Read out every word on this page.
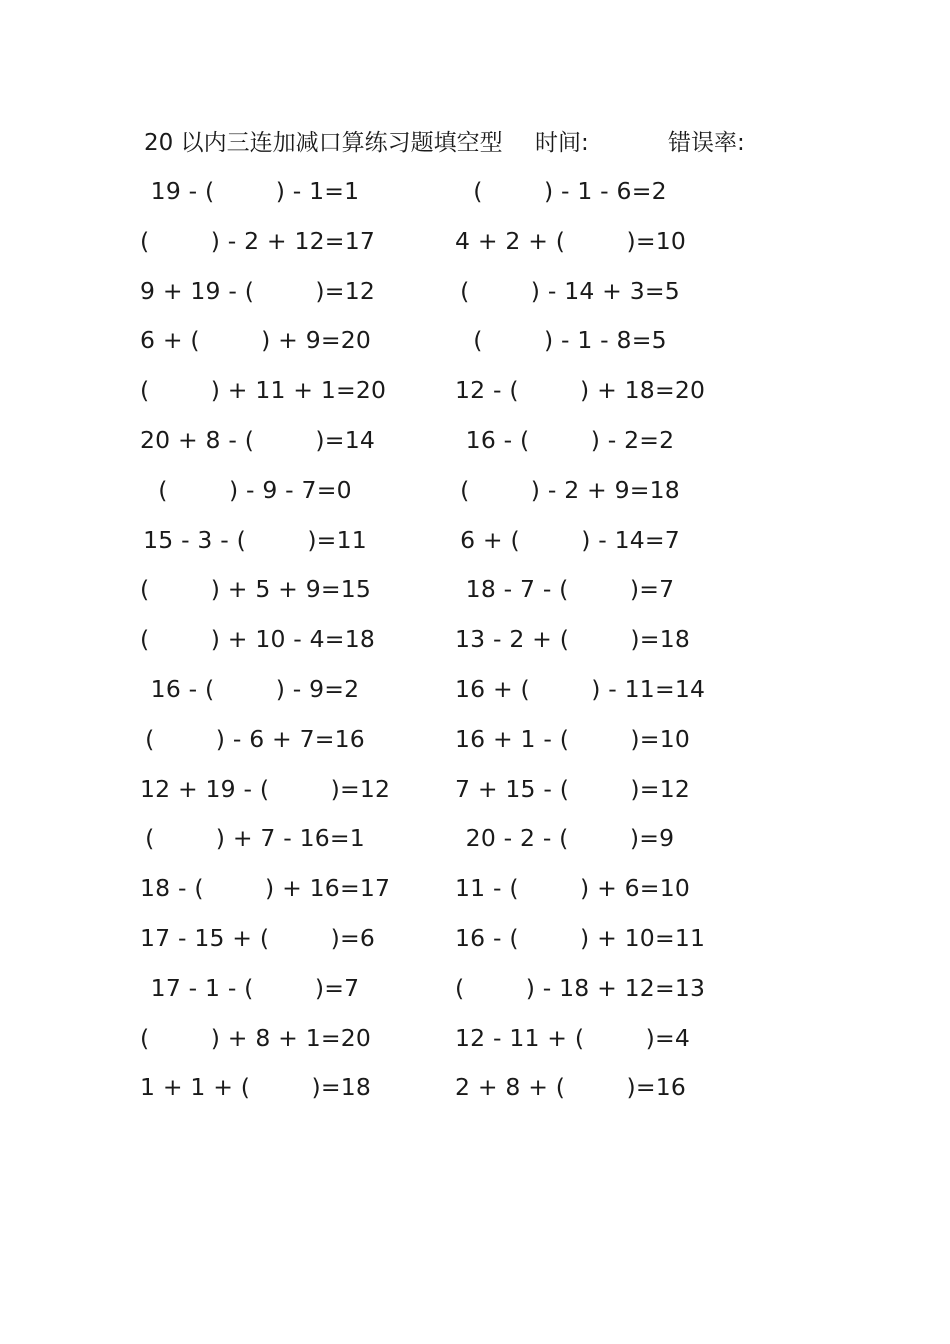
20 以内三连加减口算练习题填空型 时间:	错误率:
19 - (        ) - 1=1	(        ) - 1 - 6=2
(        ) - 2 + 12=17	4 + 2 + (        )=10
9 + 19 - (        )=12	(        ) - 14 + 3=5
6 + (        ) + 9=20	(        ) - 1 - 8=5
(        ) + 11 + 1=20	12 - (        ) + 18=20
20 + 8 - (        )=14	16 - (        ) - 2=2
(        ) - 9 - 7=0	(        ) - 2 + 9=18
15 - 3 - (        )=11	6 + (        ) - 14=7
(        ) + 5 + 9=15	18 - 7 - (        )=7
(        ) + 10 - 4=18	13 - 2 + (        )=18
16 - (        ) - 9=2	16 + (        ) - 11=14
(        ) - 6 + 7=16	16 + 1 - (        )=10
12 + 19 - (        )=12	7 + 15 - (        )=12
(        ) + 7 - 16=1	20 - 2 - (        )=9
18 - (        ) + 16=17	11 - (        ) + 6=10
17 - 15 + (        )=6	16 - (        ) + 10=11
17 - 1 - (        )=7	(        ) - 18 + 12=13
(        ) + 8 + 1=20	12 - 11 + (        )=4
1 + 1 + (        )=18	2 + 8 + (        )=16
